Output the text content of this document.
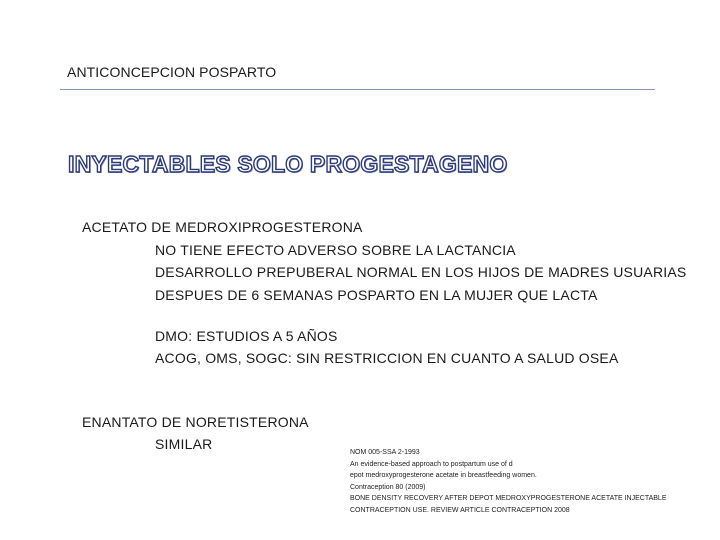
ANTICONCEPCION POSPARTO
INYECTABLES SOLO PROGESTAGENO
ACETATO DE MEDROXIPROGESTERONA
NO TIENE EFECTO ADVERSO SOBRE LA LACTANCIA
DESARROLLO PREPUBERAL NORMAL EN LOS HIJOS DE MADRES USUARIAS
DESPUES DE 6 SEMANAS POSPARTO EN LA MUJER QUE LACTA
DMO: ESTUDIOS A 5 AÑOS
ACOG, OMS, SOGC: SIN RESTRICCION EN CUANTO A SALUD OSEA
ENANTATO DE NORETISTERONA
SIMILAR
NOM 005-SSA 2-1993
An evidence-based approach to postpartum use of d
epot medroxyprogesterone acetate in breastfeeding women.
Contraception 80 (2009)
BONE DENSITY RECOVERY AFTER DEPOT MEDROXYPROGESTERONE ACETATE INJECTABLE
CONTRACEPTION USE. REVIEW ARTICLE CONTRACEPTION 2008
